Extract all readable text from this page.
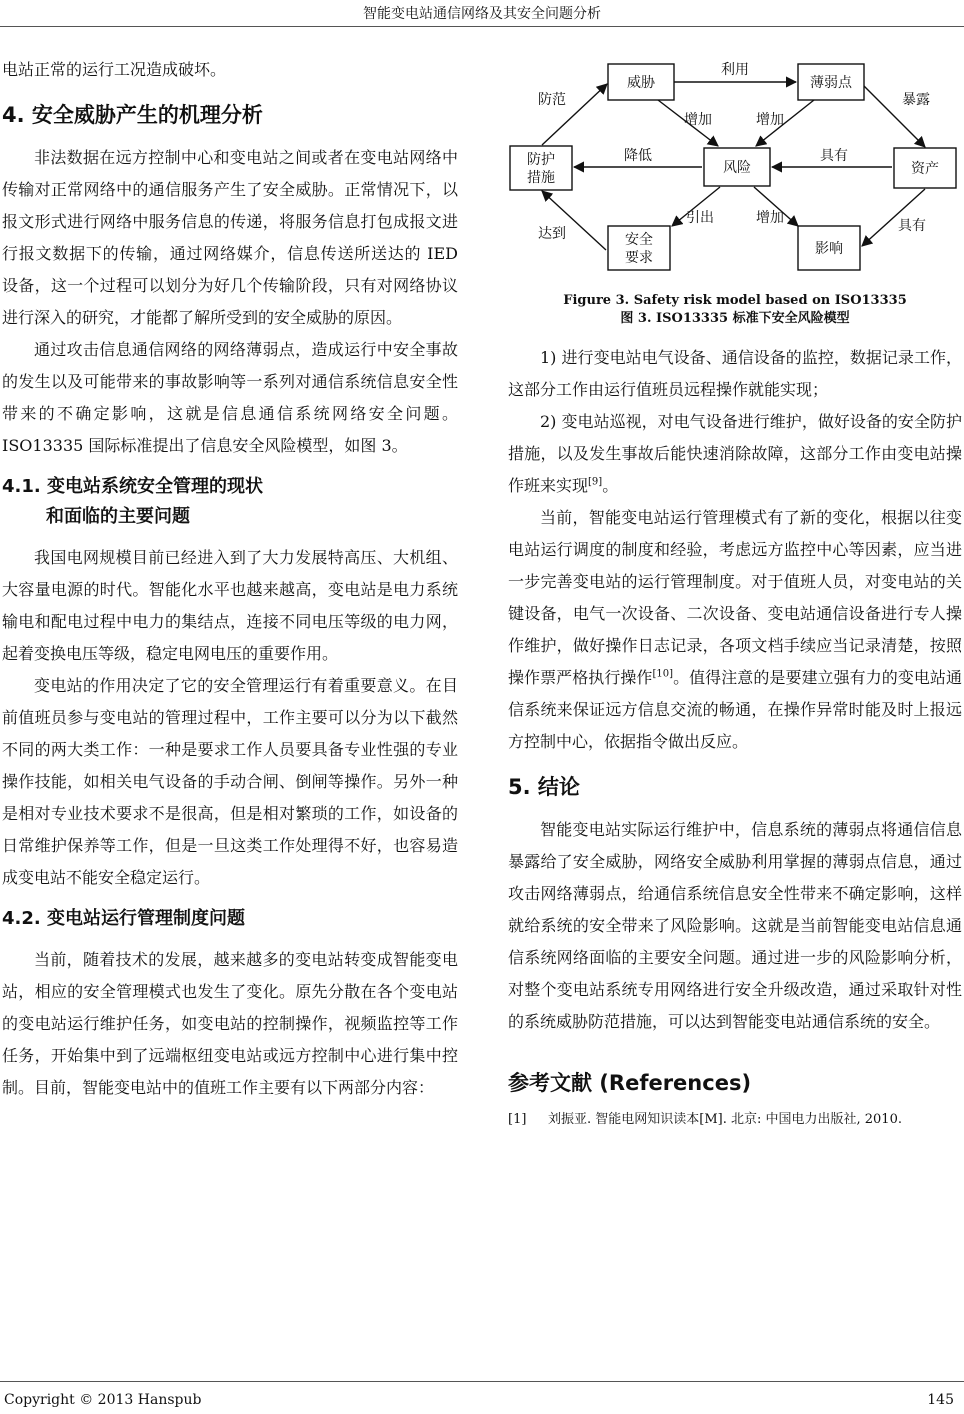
智能变电站通信网络及其安全问题分析

电站正常的运行工况造成破坏。

4. 安全威胁产生的机理分析

非法数据在远方控制中心和变电站之间或者在变电站网络中传输对正常网络中的通信服务产生了安全威胁。正常情况下，以报文形式进行网络中服务信息的传递，将服务信息打包成报文进行报文数据下的传输，通过网络媒介，信息传送所送达的 IED 设备，这一个过程可以划分为好几个传输阶段，只有对网络协议进行深入的研究，才能都了解所受到的安全威胁的原因。

通过攻击信息通信网络的网络薄弱点，造成运行中安全事故的发生以及可能带来的事故影响等一系列对通信系统信息安全性带来的不确定影响，这就是信息通信系统网络安全问题。ISO13335 国际标准提出了信息安全风险模型，如图 3。

4.1. 变电站系统安全管理的现状
和面临的主要问题

我国电网规模目前已经进入到了大力发展特高压、大机组、大容量电源的时代。智能化水平也越来越高，变电站是电力系统输电和配电过程中电力的集结点，连接不同电压等级的电力网，起着变换电压等级，稳定电网电压的重要作用。

变电站的作用决定了它的安全管理运行有着重要意义。在目前值班员参与变电站的管理过程中，工作主要可以分为以下截然不同的两大类工作：一种是要求工作人员要具备专业性强的专业操作技能，如相关电气设备的手动合闸、倒闸等操作。另外一种是相对专业技术要求不是很高，但是相对繁琐的工作，如设备的日常维护保养等工作，但是一旦这类工作处理得不好，也容易造成变电站不能安全稳定运行。

4.2. 变电站运行管理制度问题

当前，随着技术的发展，越来越多的变电站转变成智能变电站，相应的安全管理模式也发生了变化。原先分散在各个变电站的变电站运行维护任务，如变电站的控制操作，视频监控等工作任务，开始集中到了远端枢纽变电站或远方控制中心进行集中控制。目前，智能变电站中的值班工作主要有以下两部分内容：

威胁	薄弱点
防护
措施
风险	资产
安全
要求
影响
利用
防范	暴露
增加	增加
降低	具有
引出	增加
达到	具有
Figure 3. Safety risk model based on ISO13335
图 3. ISO13335 标准下安全风险模型

1) 进行变电站电气设备、通信设备的监控，数据记录工作，这部分工作由运行值班员远程操作就能实现；

2) 变电站巡视，对电气设备进行维护，做好设备的安全防护措施，以及发生事故后能快速消除故障，这部分工作由变电站操作班来实现[9]。

当前，智能变电站运行管理模式有了新的变化，根据以往变电站运行调度的制度和经验，考虑远方监控中心等因素，应当进一步完善变电站的运行管理制度。对于值班人员，对变电站的关键设备，电气一次设备、二次设备、变电站通信设备进行专人操作维护，做好操作日志记录，各项文档手续应当记录清楚，按照操作票严格执行操作[10]。值得注意的是要建立强有力的变电站通信系统来保证远方信息交流的畅通，在操作异常时能及时上报远方控制中心，依据指令做出反应。

5. 结论

智能变电站实际运行维护中，信息系统的薄弱点将通信信息暴露给了安全威胁，网络安全威胁利用掌握的薄弱点信息，通过攻击网络薄弱点，给通信系统信息安全性带来不确定影响，这样就给系统的安全带来了风险影响。这就是当前智能变电站信息通信系统网络面临的主要安全问题。通过进一步的风险影响分析，对整个变电站系统专用网络进行安全升级改造，通过采取针对性的系统威胁防范措施，可以达到智能变电站通信系统的安全。

参考文献 (References)
[1]	刘振亚. 智能电网知识读本[M]. 北京: 中国电力出版社, 2010.
Copyright © 2013 Hanspub	145
